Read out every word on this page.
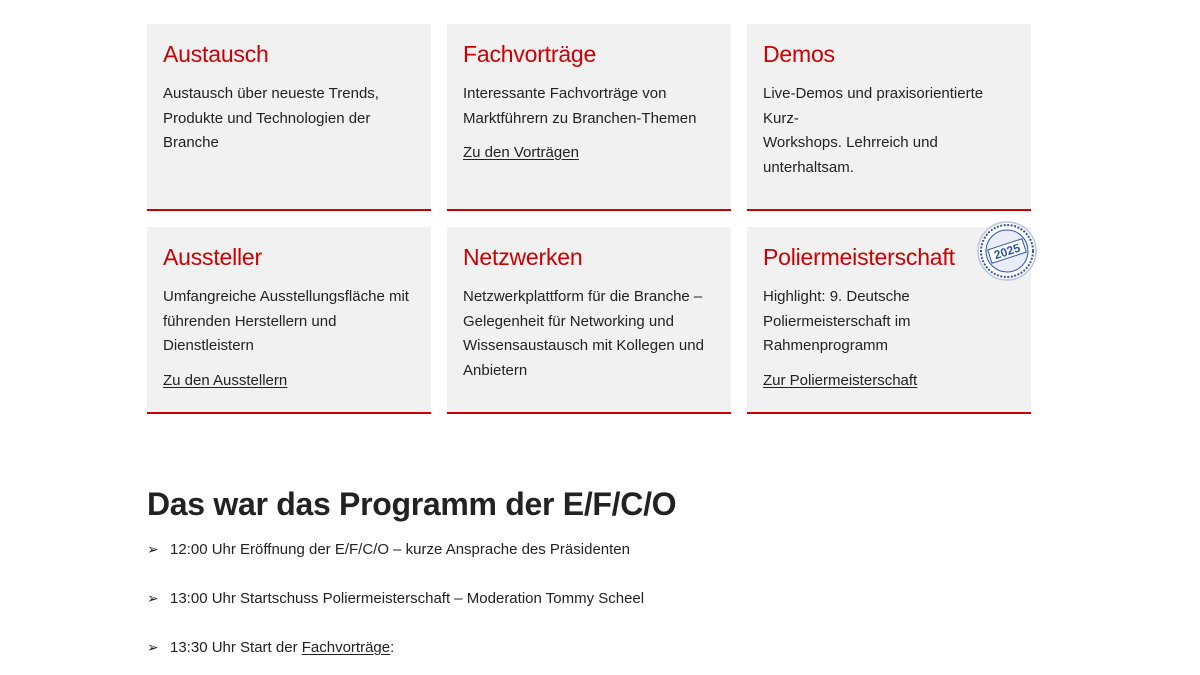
Austausch
Austausch über neueste Trends,
Produkte und Technologien der
Branche
Fachvorträge
Interessante Fachvorträge von
Marktführern zu Branchen-Themen
Zu den Vorträgen
Demos
Live-Demos und praxisorientierte Kurz-
Workshops. Lehrreich und
unterhaltsam.
Aussteller
Umfangreiche Ausstellungsfläche mit
führenden Herstellern und
Dienstleistern
Zu den Ausstellern
Netzwerken
Netzwerkplattform für die Branche –
Gelegenheit für Networking und
Wissensaustausch mit Kollegen und
Anbietern
Poliermeisterschaft
Highlight: 9. Deutsche
Poliermeisterschaft im
Rahmenprogramm
Zur Poliermeisterschaft
2025
Das war das Programm der E/F/C/O
➢ 12:00 Uhr Eröffnung der E/F/C/O – kurze Ansprache des Präsidenten
➢ 13:00 Uhr Startschuss Poliermeisterschaft – Moderation Tommy Scheel
➢ 13:30 Uhr Start der Fachvorträge:
